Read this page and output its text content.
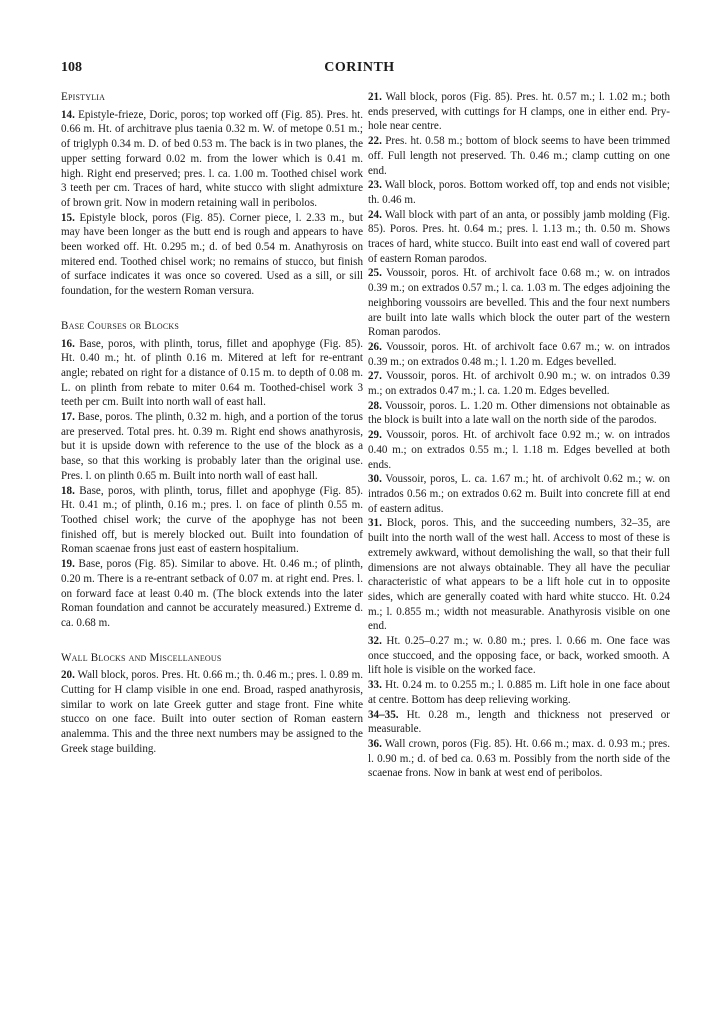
108	CORINTH
Epistylia

14. Epistyle-frieze, Doric, poros; top worked off (Fig. 85). Pres. ht. 0.66 m. Ht. of architrave plus taenia 0.32 m. W. of metope 0.51 m.; of triglyph 0.34 m. D. of bed 0.53 m. The back is in two planes, the upper setting forward 0.02 m. from the lower which is 0.41 m. high. Right end preserved; pres. l. ca. 1.00 m. Toothed chisel work 3 teeth per cm. Traces of hard, white stucco with slight admixture of brown grit. Now in modern retaining wall in peribolos.

15. Epistyle block, poros (Fig. 85). Corner piece, l. 2.33 m., but may have been longer as the butt end is rough and appears to have been worked off. Ht. 0.295 m.; d. of bed 0.54 m. Anathyrosis on mitered end. Toothed chisel work; no remains of stucco, but finish of surface indicates it was once so covered. Used as a sill, or sill foundation, for the western Roman versura.

Base Courses or Blocks

16. Base, poros, with plinth, torus, fillet and apophyge (Fig. 85). Ht. 0.40 m.; ht. of plinth 0.16 m. Mitered at left for re-entrant angle; rebated on right for a distance of 0.15 m. to depth of 0.08 m. L. on plinth from rebate to miter 0.64 m. Toothed-chisel work 3 teeth per cm. Built into north wall of east hall.

17. Base, poros. The plinth, 0.32 m. high, and a portion of the torus are preserved. Total pres. ht. 0.39 m. Right end shows anathyrosis, but it is upside down with reference to the use of the block as a base, so that this working is probably later than the original use. Pres. l. on plinth 0.65 m. Built into north wall of east hall.

18. Base, poros, with plinth, torus, fillet and apophyge (Fig. 85). Ht. 0.41 m.; of plinth, 0.16 m.; pres. l. on face of plinth 0.55 m. Toothed chisel work; the curve of the apophyge has not been finished off, but is merely blocked out. Built into foundation of Roman scaenae frons just east of eastern hospitalium.

19. Base, poros (Fig. 85). Similar to above. Ht. 0.46 m.; of plinth, 0.20 m. There is a re-entrant setback of 0.07 m. at right end. Pres. l. on forward face at least 0.40 m. (The block extends into the later Roman foundation and cannot be accurately measured.) Extreme d. ca. 0.68 m.

Wall Blocks and Miscellaneous

20. Wall block, poros. Pres. Ht. 0.66 m.; th. 0.46 m.; pres. l. 0.89 m. Cutting for H clamp visible in one end. Broad, rasped anathyrosis, similar to work on late Greek gutter and stage front. Fine white stucco on one face. Built into outer section of Roman eastern analemma. This and the three next numbers may be assigned to the Greek stage building.

21. Wall block, poros (Fig. 85). Pres. ht. 0.57 m.; l. 1.02 m.; both ends preserved, with cuttings for H clamps, one in either end. Pry-hole near centre.

22. Pres. ht. 0.58 m.; bottom of block seems to have been trimmed off. Full length not preserved. Th. 0.46 m.; clamp cutting on one end.

23. Wall block, poros. Bottom worked off, top and ends not visible; th. 0.46 m.

24. Wall block with part of an anta, or possibly jamb molding (Fig. 85). Poros. Pres. ht. 0.64 m.; pres. l. 1.13 m.; th. 0.50 m. Shows traces of hard, white stucco. Built into east end wall of covered part of eastern Roman parodos.

25. Voussoir, poros. Ht. of archivolt face 0.68 m.; w. on intrados 0.39 m.; on extrados 0.57 m.; l. ca. 1.03 m. The edges adjoining the neighboring voussoirs are bevelled. This and the four next numbers are built into late walls which block the outer part of the western Roman parodos.

26. Voussoir, poros. Ht. of archivolt face 0.67 m.; w. on intrados 0.39 m.; on extrados 0.48 m.; l. 1.20 m. Edges bevelled.

27. Voussoir, poros. Ht. of archivolt 0.90 m.; w. on intrados 0.39 m.; on extrados 0.47 m.; l. ca. 1.20 m. Edges bevelled.

28. Voussoir, poros. L. 1.20 m. Other dimensions not obtainable as the block is built into a late wall on the north side of the parodos.

29. Voussoir, poros. Ht. of archivolt face 0.92 m.; w. on intrados 0.40 m.; on extrados 0.55 m.; l. 1.18 m. Edges bevelled at both ends.

30. Voussoir, poros, L. ca. 1.67 m.; ht. of archivolt 0.62 m.; w. on intrados 0.56 m.; on extrados 0.62 m. Built into concrete fill at end of eastern aditus.

31. Block, poros. This, and the succeeding numbers, 32–35, are built into the north wall of the west hall. Access to most of these is extremely awkward, without demolishing the wall, so that their full dimensions are not always obtainable. They all have the peculiar characteristic of what appears to be a lift hole cut in to opposite sides, which are generally coated with hard white stucco. Ht. 0.24 m.; l. 0.855 m.; width not measurable. Anathyrosis visible on one end.

32. Ht. 0.25–0.27 m.; w. 0.80 m.; pres. l. 0.66 m. One face was once stuccoed, and the opposing face, or back, worked smooth. A lift hole is visible on the worked face.

33. Ht. 0.24 m. to 0.255 m.; l. 0.885 m. Lift hole in one face about at centre. Bottom has deep relieving working.

34–35. Ht. 0.28 m., length and thickness not preserved or measurable.

36. Wall crown, poros (Fig. 85). Ht. 0.66 m.; max. d. 0.93 m.; pres. l. 0.90 m.; d. of bed ca. 0.63 m. Possibly from the north side of the scaenae frons. Now in bank at west end of peribolos.
